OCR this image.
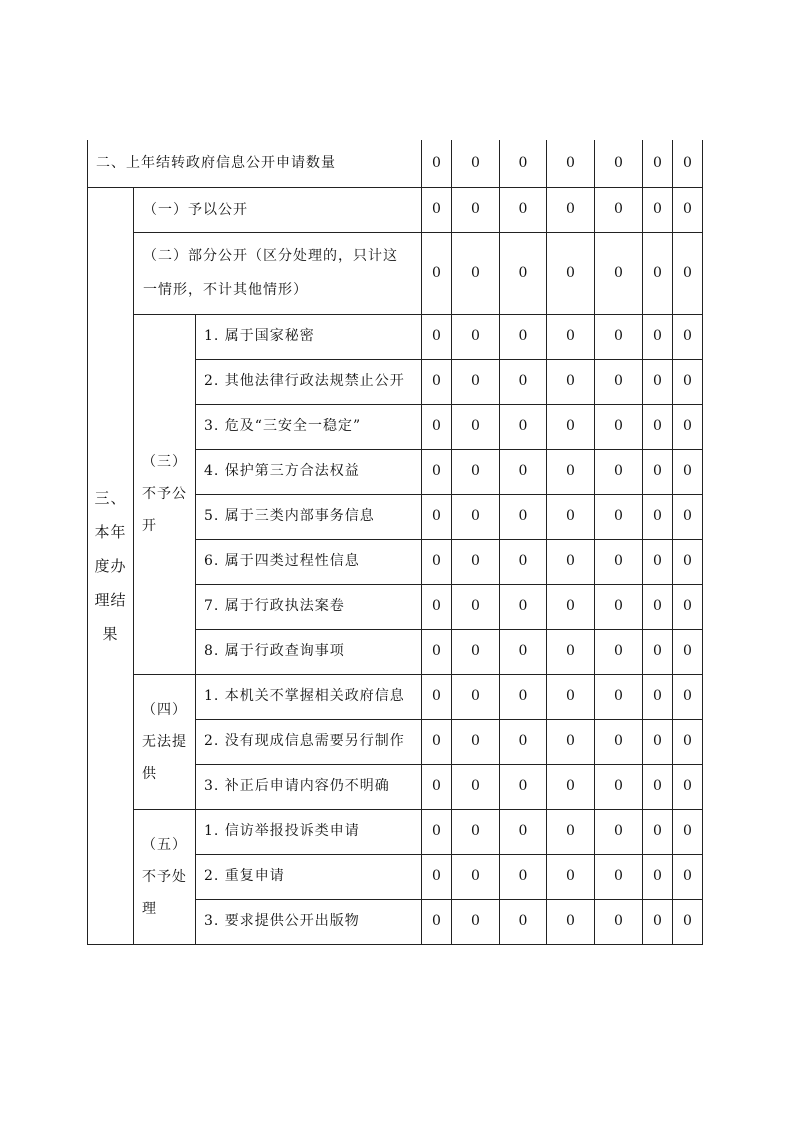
二、上年结转政府信息公开申请数量			0	0	0	0	0	0	0

三、
本年
度办
理结
果	（一）予以公开		0	0	0	0	0	0	0

	（二）部分公开（区分处理的，只计这
一情形，不计其他情形）		0	0	0	0	0	0	0

	（三）
不予公
开	1. 属于国家秘密	0	0	0	0	0	0	0
		2. 其他法律行政法规禁止公开	0	0	0	0	0	0	0
		3. 危及“三安全一稳定”	0	0	0	0	0	0	0
		4. 保护第三方合法权益	0	0	0	0	0	0	0
		5. 属于三类内部事务信息	0	0	0	0	0	0	0
		6. 属于四类过程性信息	0	0	0	0	0	0	0
		7. 属于行政执法案卷	0	0	0	0	0	0	0
		8. 属于行政查询事项	0	0	0	0	0	0	0

	（四）
无法提
供	1. 本机关不掌握相关政府信息	0	0	0	0	0	0	0
		2. 没有现成信息需要另行制作	0	0	0	0	0	0	0
		3. 补正后申请内容仍不明确	0	0	0	0	0	0	0

	（五）
不予处
理	1. 信访举报投诉类申请	0	0	0	0	0	0	0
		2. 重复申请	0	0	0	0	0	0	0
		3. 要求提供公开出版物	0	0	0	0	0	0	0
